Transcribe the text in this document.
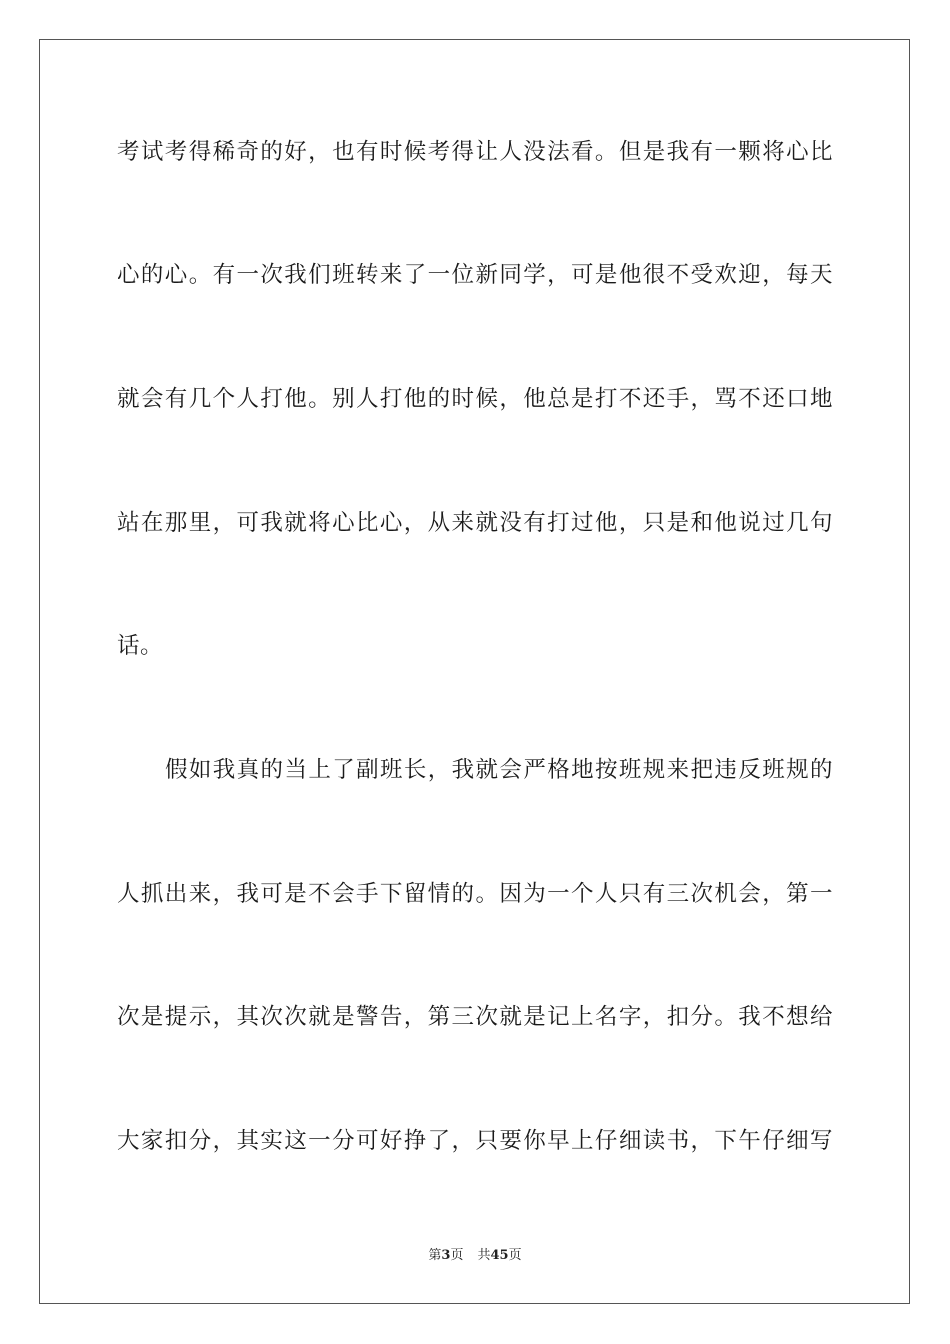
考试考得稀奇的好，也有时候考得让人没法看。但是我有一颗将心比
心的心。有一次我们班转来了一位新同学，可是他很不受欢迎，每天
就会有几个人打他。别人打他的时候，他总是打不还手，骂不还口地
站在那里，可我就将心比心，从来就没有打过他，只是和他说过几句
话。
假如我真的当上了副班长，我就会严格地按班规来把违反班规的
人抓出来，我可是不会手下留情的。因为一个人只有三次机会，第一
次是提示，其次次就是警告，第三次就是记上名字，扣分。我不想给
大家扣分，其实这一分可好挣了，只要你早上仔细读书，下午仔细写
第3页 共45页
